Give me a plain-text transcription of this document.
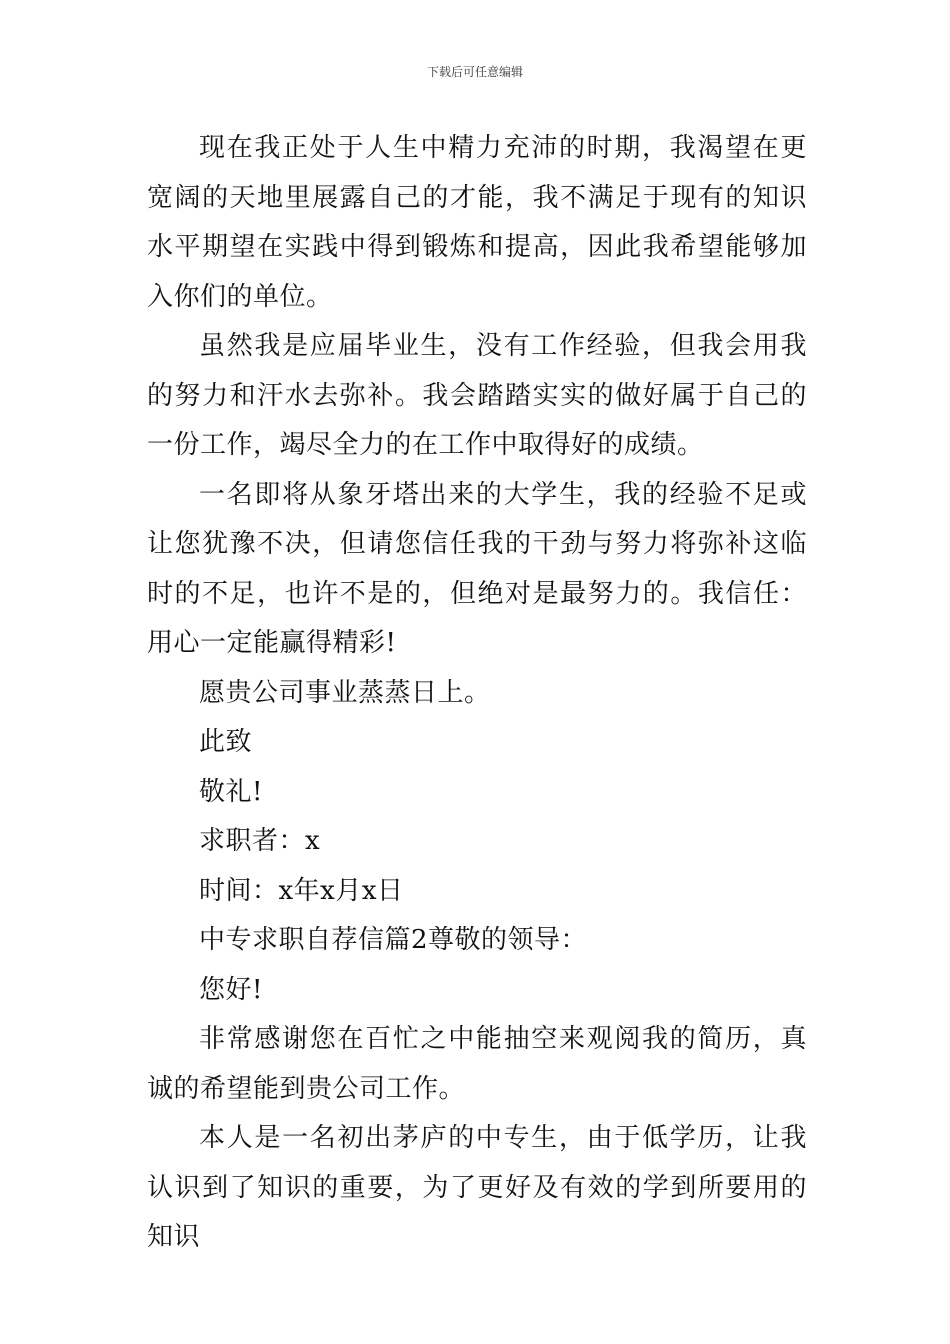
下载后可任意编辑

现在我正处于人生中精力充沛的时期，我渴望在更宽阔的天地里展露自己的才能，我不满足于现有的知识水平期望在实践中得到锻炼和提高，因此我希望能够加入你们的单位。

虽然我是应届毕业生，没有工作经验，但我会用我的努力和汗水去弥补。我会踏踏实实的做好属于自己的一份工作，竭尽全力的在工作中取得好的成绩。

一名即将从象牙塔出来的大学生，我的经验不足或让您犹豫不决，但请您信任我的干劲与努力将弥补这临时的不足，也许不是的，但绝对是最努力的。我信任：用心一定能赢得精彩!

愿贵公司事业蒸蒸日上。

此致

敬礼!

求职者：x

时间：x年x月x日

中专求职自荐信篇2尊敬的领导：

您好!

非常感谢您在百忙之中能抽空来观阅我的简历，真诚的希望能到贵公司工作。

本人是一名初出茅庐的中专生，由于低学历，让我认识到了知识的重要，为了更好及有效的学到所要用的知识
